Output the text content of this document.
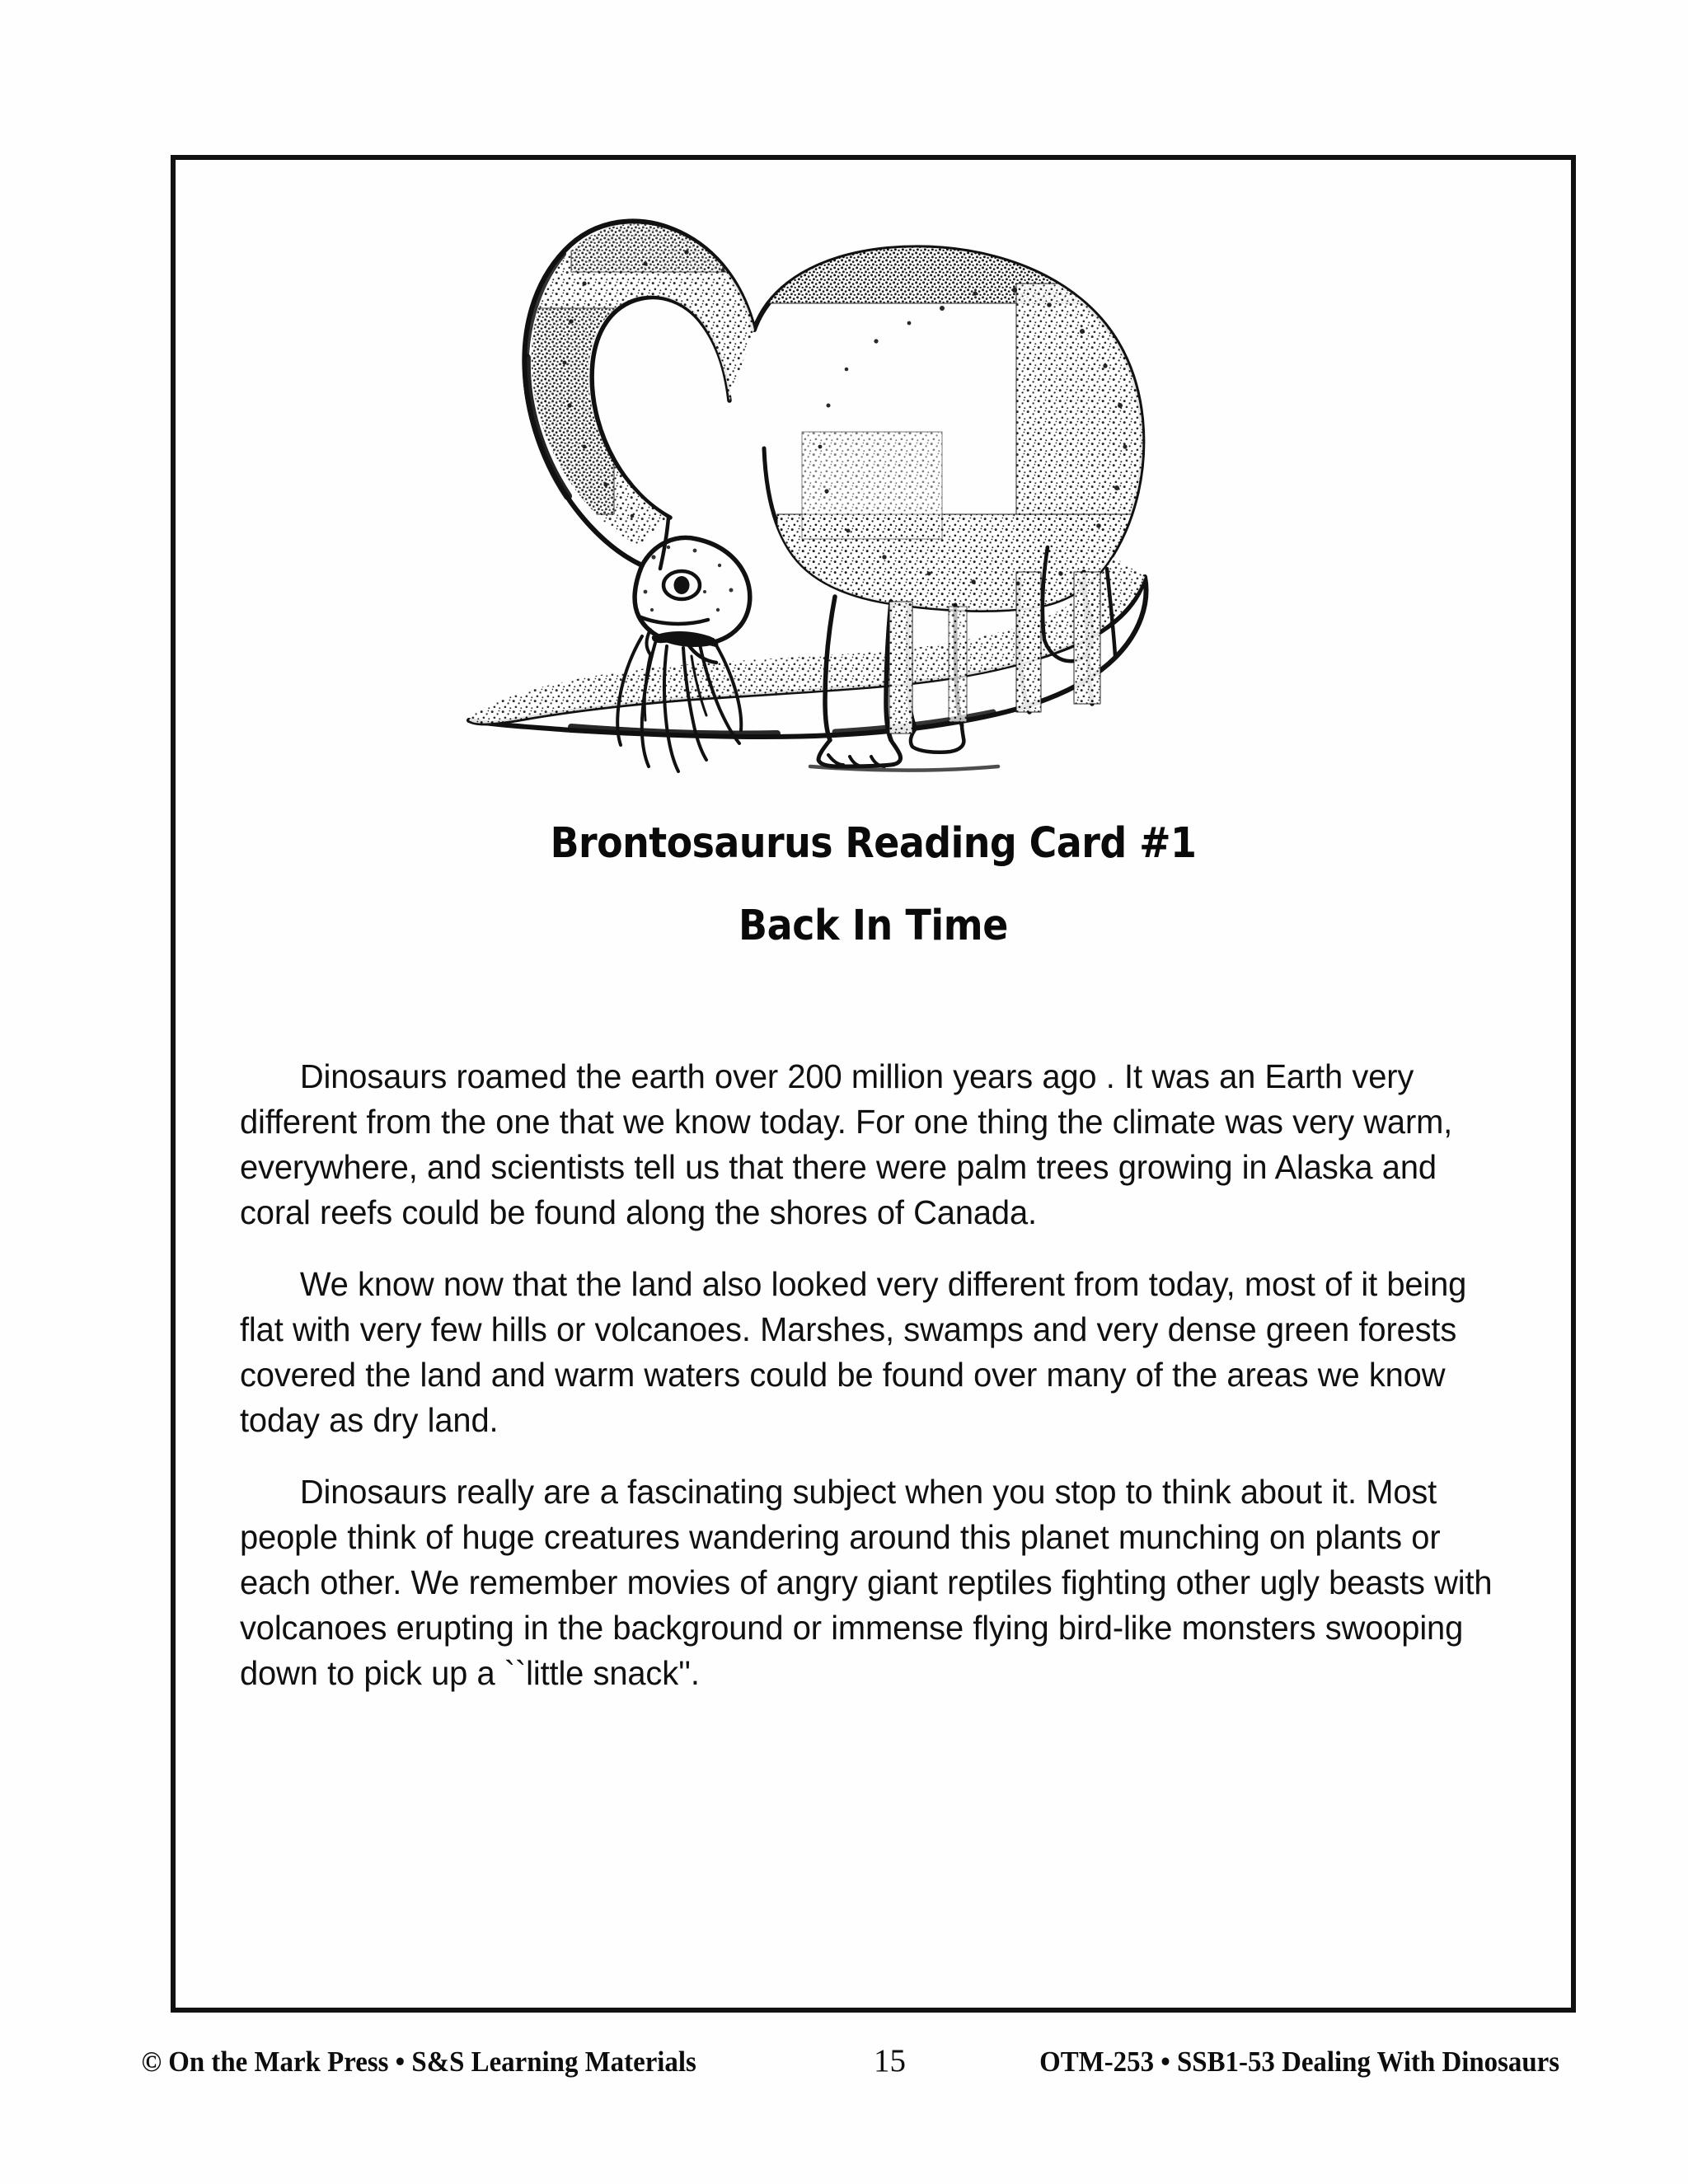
Brontosaurus Reading Card #1
Back In Time

Dinosaurs roamed the earth over 200 million years ago . It was an Earth very different from the one that we know today. For one thing the climate was very warm, everywhere, and scientists tell us that there were palm trees growing in Alaska and coral reefs could be found along the shores of Canada.

We know now that the land also looked very different from today, most of it being flat with very few hills or volcanoes. Marshes, swamps and very dense green forests covered the land and warm waters could be found over many of the areas we know today as dry land.

Dinosaurs really are a fascinating subject when you stop to think about it. Most people think of huge creatures wandering around this planet munching on plants or each other. We remember movies of angry giant reptiles fighting other ugly beasts with volcanoes erupting in the background or immense flying bird-like monsters swooping down to pick up a ``little snack''.

© On the Mark Press • S&S Learning Materials	15	OTM-253 • SSB1-53 Dealing With Dinosaurs
